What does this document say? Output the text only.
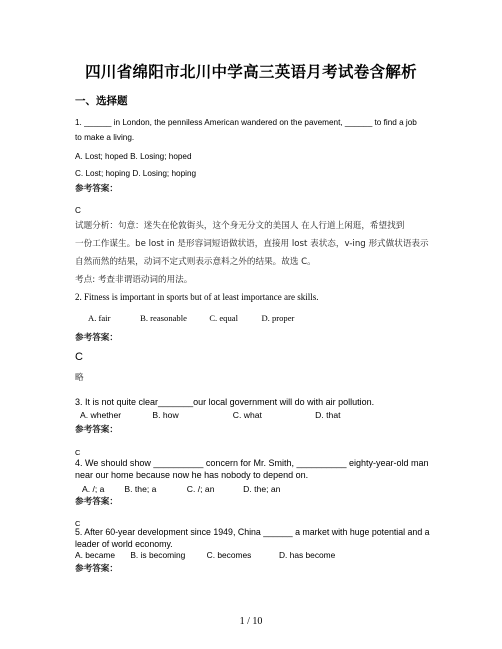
四川省绵阳市北川中学高三英语月考试卷含解析
一、选择题
1. ______ in London, the penniless American wandered on the pavement, ______ to find a job
to make a living.
A. Lost; hoped B. Losing; hoped
C. Lost; hoping D. Losing; hoping
参考答案：
C
试题分析：句意：迷失在伦敦街头，这个身无分文的美国人 在人行道上闲逛，希望找到
一份工作谋生。be lost in 是形容词短语做状语，直接用 lost 表状态，v-ing 形式做状语表示
自然而然的结果，动词不定式则表示意料之外的结果。故选 C。
考点: 考查非谓语动词的用法。
2. Fitness is important in sports but of at least importance are skills.
A. fair	B. reasonable	C. equal	D. proper
参考答案：
C
略
3. It is not quite clear_______our local government will do with air pollution.
A. whether	B. how	C. what	D. that
参考答案：
C
4. We should show __________ concern for Mr. Smith, __________ eighty-year-old man
near our home because now he has nobody to depend on.
A. /; a B. the; a	C. /; an	D. the; an
参考答案：
C
5. After 60-year development since 1949, China ______ a market with huge potential and a
leader of world economy.
A. became B. is becoming	C. becomes	D. has become
参考答案：
1 / 10
